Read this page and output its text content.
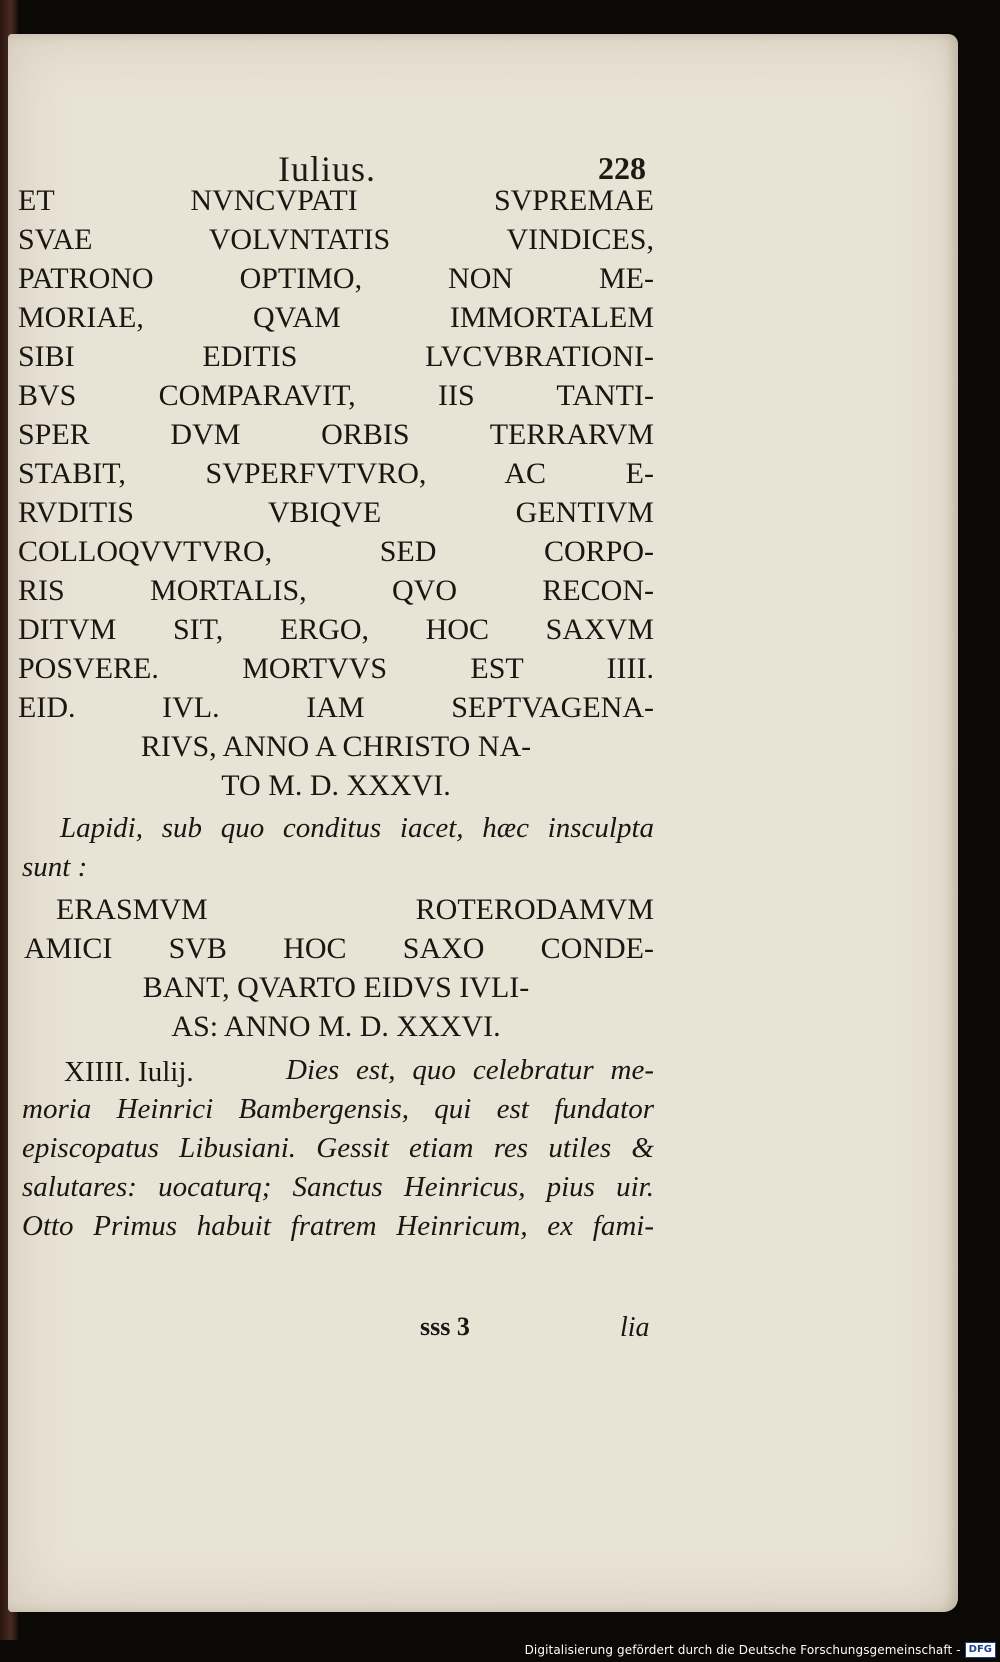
Iulius.	228
ET NVNCVPATI SVPREMAE
SVAE VOLVNTATIS VINDICES,
PATRONO OPTIMO, NON ME-
MORIAE, QVAM IMMORTALEM
SIBI EDITIS LVCVBRATIONI-
BVS COMPARAVIT, IIS TANTI-
SPER DVM ORBIS TERRARVM
STABIT, SVPERFVTVRO, AC E-
RVDITIS VBIQVE GENTIVM
COLLOQVVTVRO, SED CORPO-
RIS MORTALIS, QVO RECON-
DITVM SIT, ERGO, HOC SAXVM
POSVERE. MORTVVS EST IIII.
EID. IVL. IAM SEPTVAGENA-
RIVS, ANNO A CHRISTO NA-
TO M. D. XXXVI.
Lapidi, sub quo conditus iacet, hæc insculpta
sunt :
ERASMVM ROTERODAMVM
AMICI SVB HOC SAXO CONDE-
BANT, QVARTO EIDVS IVLI-
AS: ANNO M. D. XXXVI.
XIIII. Iulij.	Dies est, quo celebratur me-
moria Heinrici Bambergensis, qui est fundator
episcopatus Libusiani. Gessit etiam res utiles &
salutares: uocaturq; Sanctus Heinricus, pius uir.
Otto Primus habuit fratrem Heinricum, ex fami-
sss 3	lia
Digitalisierung gefördert durch die Deutsche Forschungsgemeinschaft - DFG
